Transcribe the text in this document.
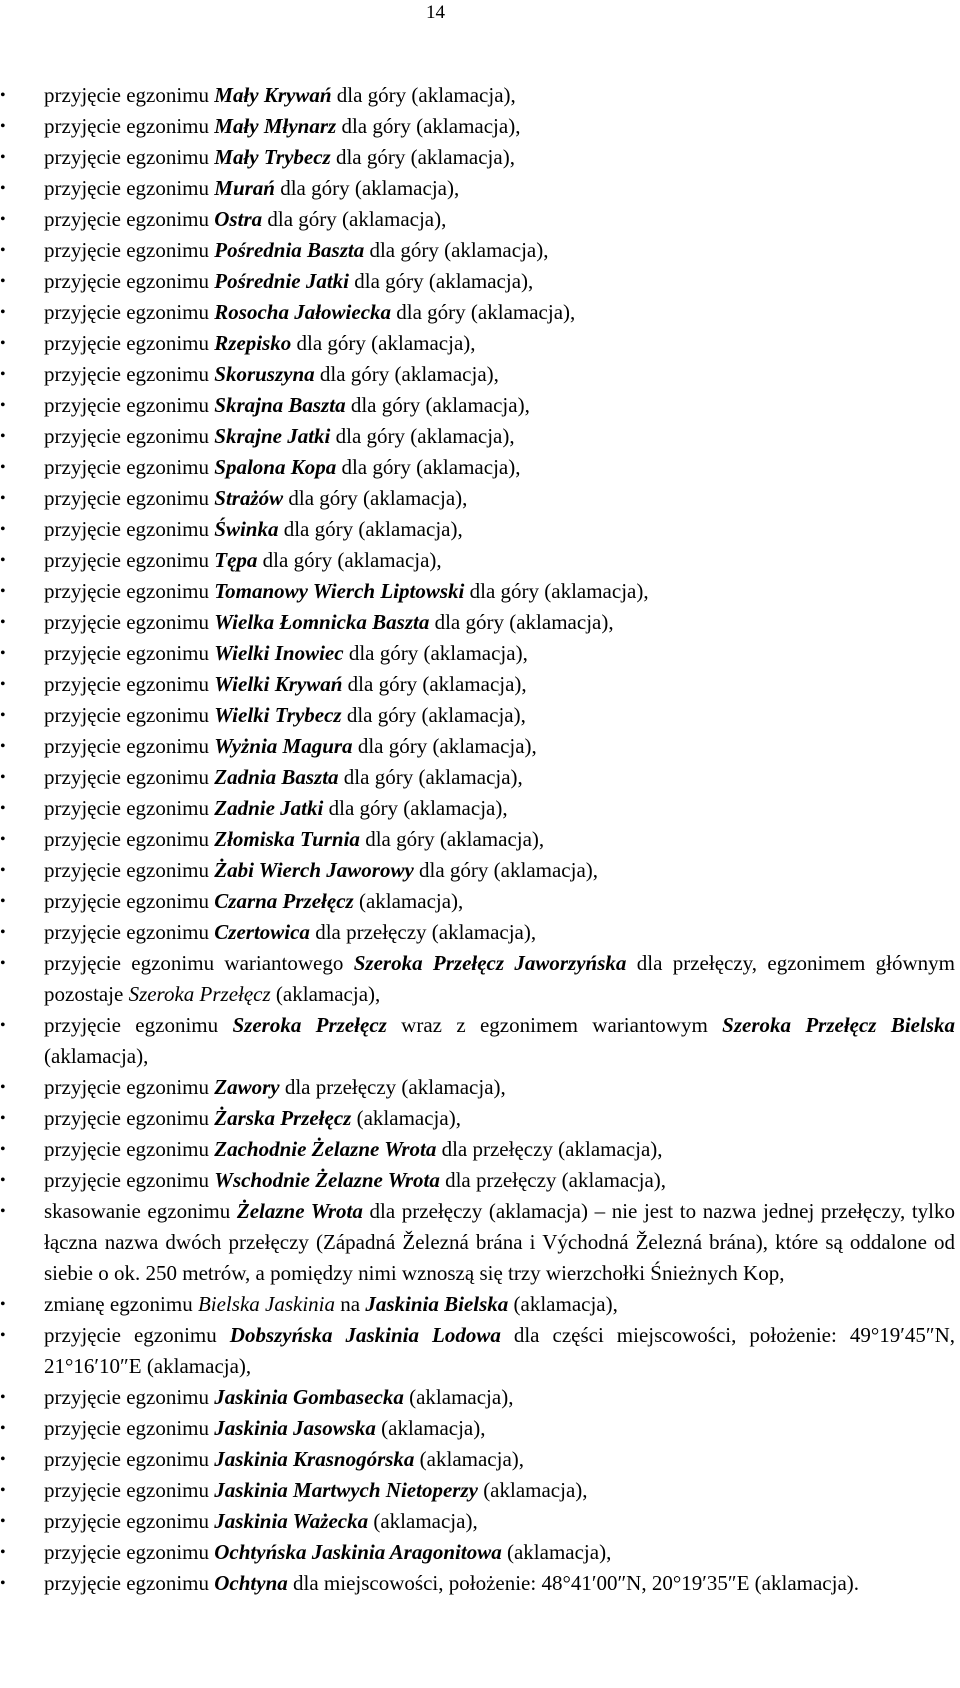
14
• przyjęcie egzonimu Mały Krywań dla góry (aklamacja),
• przyjęcie egzonimu Mały Młynarz dla góry (aklamacja),
• przyjęcie egzonimu Mały Trybecz dla góry (aklamacja),
• przyjęcie egzonimu Murań dla góry (aklamacja),
• przyjęcie egzonimu Ostra dla góry (aklamacja),
• przyjęcie egzonimu Pośrednia Baszta dla góry (aklamacja),
• przyjęcie egzonimu Pośrednie Jatki dla góry (aklamacja),
• przyjęcie egzonimu Rosocha Jałowiecka dla góry (aklamacja),
• przyjęcie egzonimu Rzepisko dla góry (aklamacja),
• przyjęcie egzonimu Skoruszyna dla góry (aklamacja),
• przyjęcie egzonimu Skrajna Baszta dla góry (aklamacja),
• przyjęcie egzonimu Skrajne Jatki dla góry (aklamacja),
• przyjęcie egzonimu Spalona Kopa dla góry (aklamacja),
• przyjęcie egzonimu Strażów dla góry (aklamacja),
• przyjęcie egzonimu Świnka dla góry (aklamacja),
• przyjęcie egzonimu Tępa dla góry (aklamacja),
• przyjęcie egzonimu Tomanowy Wierch Liptowski dla góry (aklamacja),
• przyjęcie egzonimu Wielka Łomnicka Baszta dla góry (aklamacja),
• przyjęcie egzonimu Wielki Inowiec dla góry (aklamacja),
• przyjęcie egzonimu Wielki Krywań dla góry (aklamacja),
• przyjęcie egzonimu Wielki Trybecz dla góry (aklamacja),
• przyjęcie egzonimu Wyżnia Magura dla góry (aklamacja),
• przyjęcie egzonimu Zadnia Baszta dla góry (aklamacja),
• przyjęcie egzonimu Zadnie Jatki dla góry (aklamacja),
• przyjęcie egzonimu Złomiska Turnia dla góry (aklamacja),
• przyjęcie egzonimu Żabi Wierch Jaworowy dla góry (aklamacja),
• przyjęcie egzonimu Czarna Przełęcz (aklamacja),
• przyjęcie egzonimu Czertowica dla przełęczy (aklamacja),
• przyjęcie egzonimu wariantowego Szeroka Przełęcz Jaworzyńska dla przełęczy, egzonimem głównym pozostaje Szeroka Przełęcz (aklamacja),
• przyjęcie egzonimu Szeroka Przełęcz wraz z egzonimem wariantowym Szeroka Przełęcz Bielska (aklamacja),
• przyjęcie egzonimu Zawory dla przełęczy (aklamacja),
• przyjęcie egzonimu Żarska Przełęcz (aklamacja),
• przyjęcie egzonimu Zachodnie Żelazne Wrota dla przełęczy (aklamacja),
• przyjęcie egzonimu Wschodnie Żelazne Wrota dla przełęczy (aklamacja),
• skasowanie egzonimu Żelazne Wrota dla przełęczy (aklamacja) – nie jest to nazwa jednej przełęczy, tylko łączna nazwa dwóch przełęczy (Západná Železná brána i Východná Železná brána), które są oddalone od siebie o ok. 250 metrów, a pomiędzy nimi wznoszą się trzy wierzchołki Śnieżnych Kop,
• zmianę egzonimu Bielska Jaskinia na Jaskinia Bielska (aklamacja),
• przyjęcie egzonimu Dobszyńska Jaskinia Lodowa dla części miejscowości, położenie: 49°19′45″N, 21°16′10″E (aklamacja),
• przyjęcie egzonimu Jaskinia Gombasecka (aklamacja),
• przyjęcie egzonimu Jaskinia Jasowska (aklamacja),
• przyjęcie egzonimu Jaskinia Krasnogórska (aklamacja),
• przyjęcie egzonimu Jaskinia Martwych Nietoperzy (aklamacja),
• przyjęcie egzonimu Jaskinia Ważecka (aklamacja),
• przyjęcie egzonimu Ochtyńska Jaskinia Aragonitowa (aklamacja),
• przyjęcie egzonimu Ochtyna dla miejscowości, położenie: 48°41′00″N, 20°19′35″E (aklamacja).
